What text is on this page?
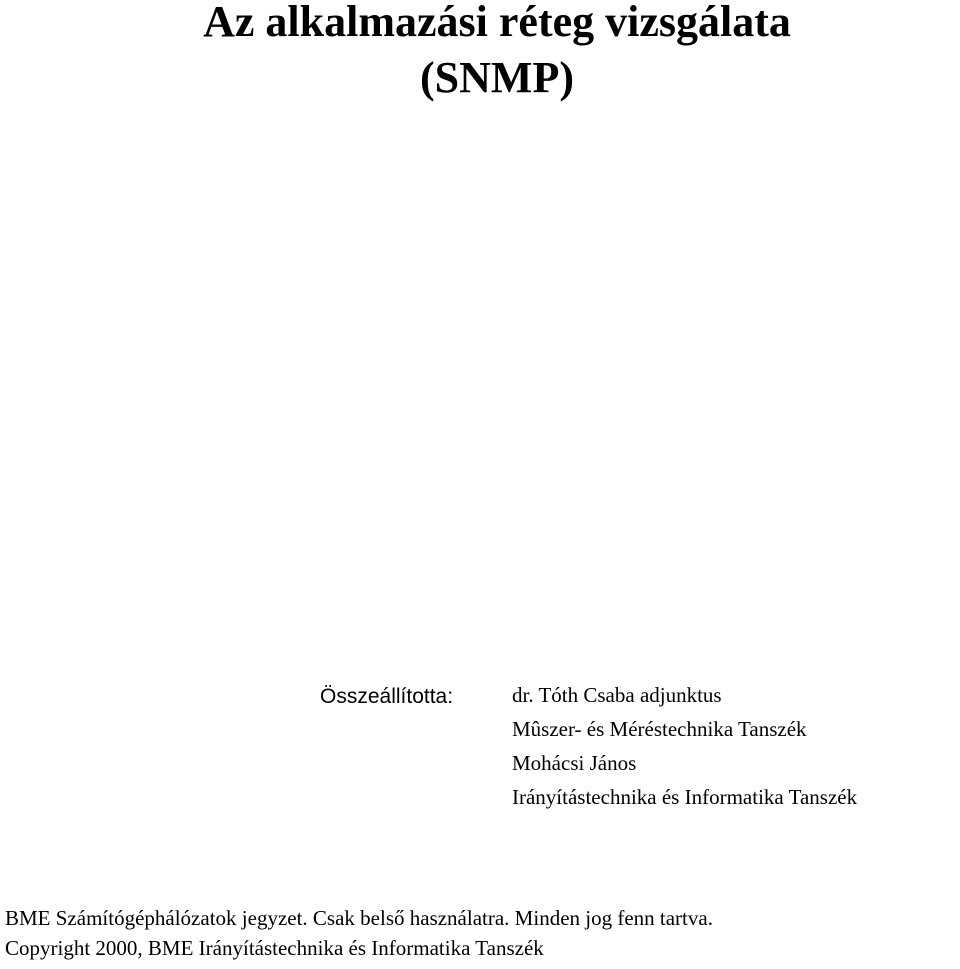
Az alkalmazási réteg vizsgálata
(SNMP)
Összeállította:	dr. Tóth Csaba adjunktus
Mûszer- és Méréstechnika Tanszék
Mohácsi János
Irányítástechnika és Informatika Tanszék
BME Számítógéphálózatok jegyzet. Csak belső használatra. Minden jog fenn tartva.
Copyright 2000, BME Irányítástechnika és Informatika Tanszék
